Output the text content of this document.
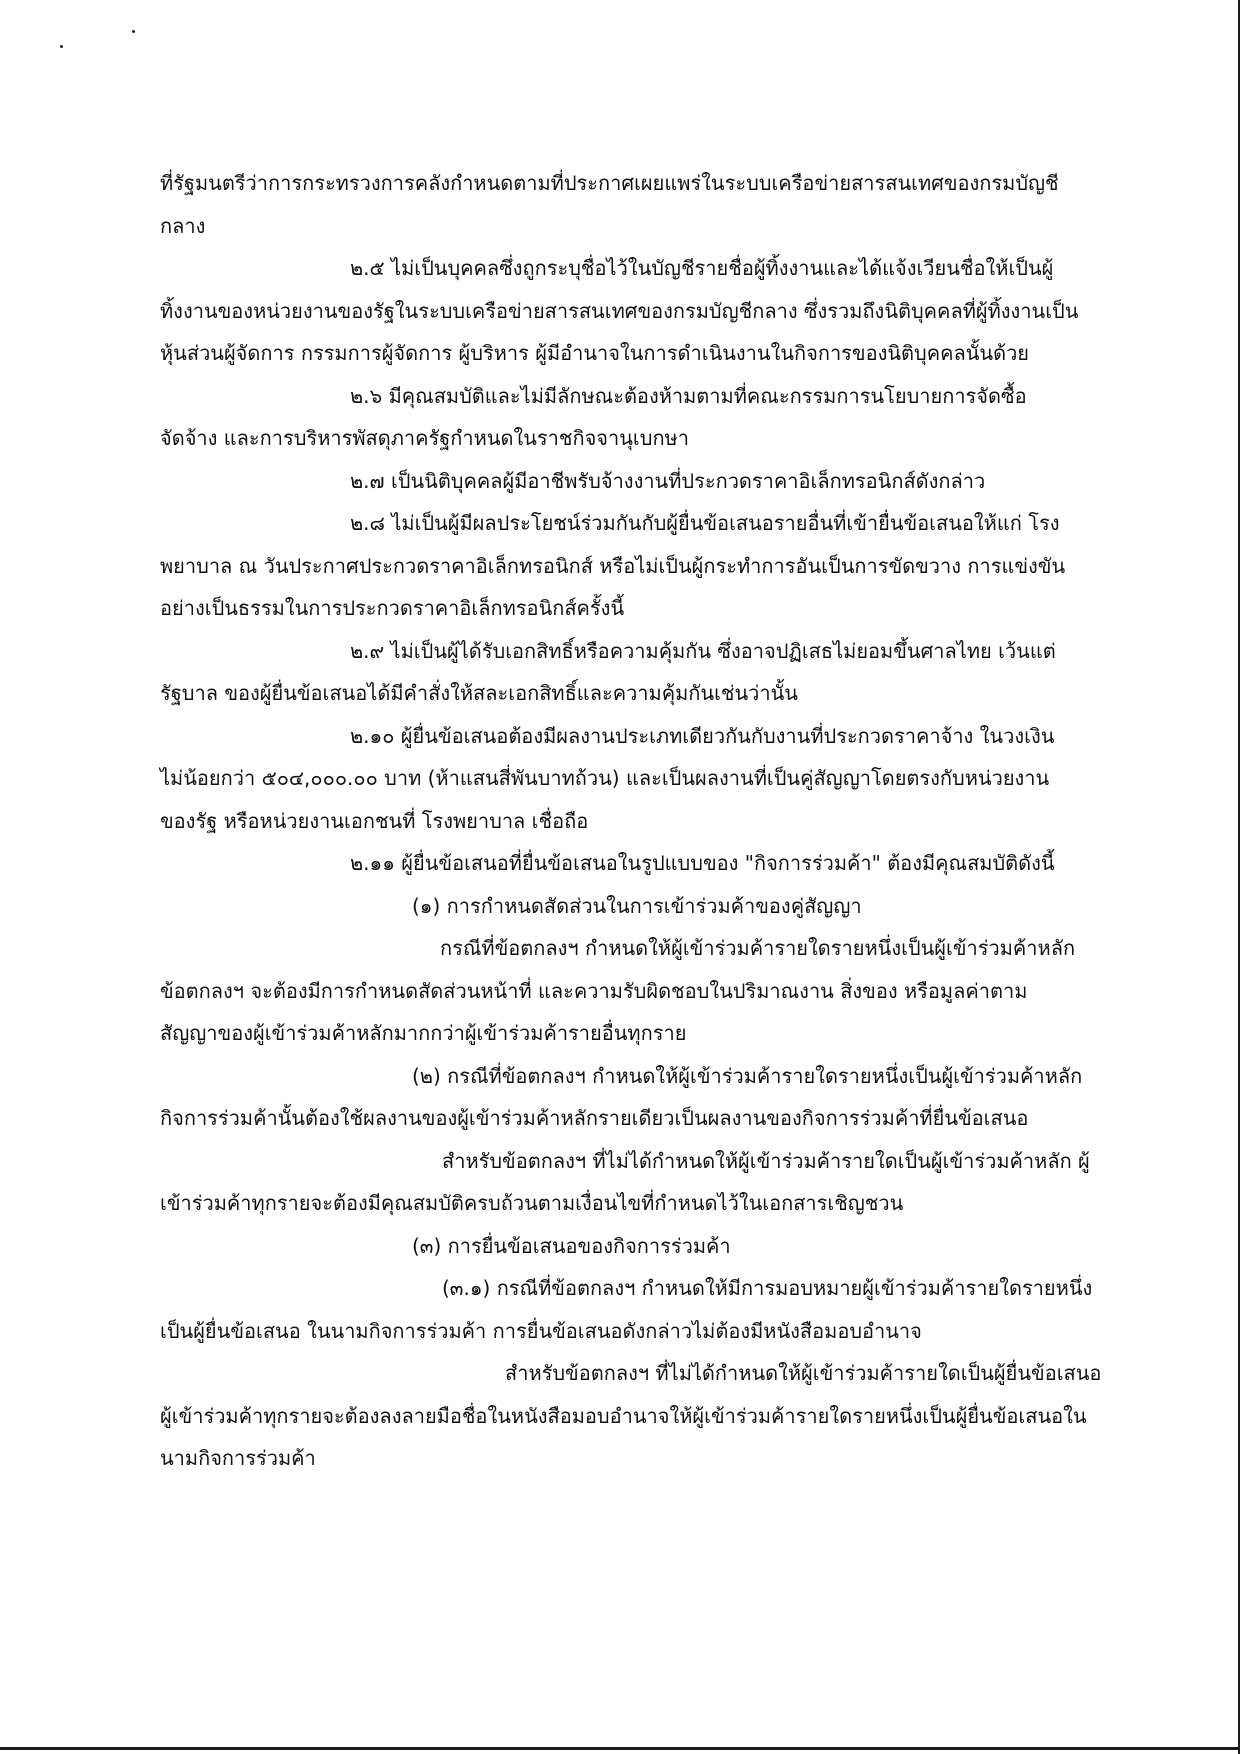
ที่รัฐมนตรีว่าการกระทรวงการคลังกำหนดตามที่ประกาศเผยแพร่ในระบบเครือข่ายสารสนเทศของกรมบัญชี
กลาง
๒.๕ ไม่เป็นบุคคลซึ่งถูกระบุชื่อไว้ในบัญชีรายชื่อผู้ทิ้งงานและได้แจ้งเวียนชื่อให้เป็นผู้
ทิ้งงานของหน่วยงานของรัฐในระบบเครือข่ายสารสนเทศของกรมบัญชีกลาง ซึ่งรวมถึงนิติบุคคลที่ผู้ทิ้งงานเป็น
หุ้นส่วนผู้จัดการ กรรมการผู้จัดการ ผู้บริหาร ผู้มีอำนาจในการดำเนินงานในกิจการของนิติบุคคลนั้นด้วย
๒.๖ มีคุณสมบัติและไม่มีลักษณะต้องห้ามตามที่คณะกรรมการนโยบายการจัดซื้อ
จัดจ้าง และการบริหารพัสดุภาครัฐกำหนดในราชกิจจานุเบกษา
๒.๗ เป็นนิติบุคคลผู้มีอาชีพรับจ้างงานที่ประกวดราคาอิเล็กทรอนิกส์ดังกล่าว
๒.๘ ไม่เป็นผู้มีผลประโยชน์ร่วมกันกับผู้ยื่นข้อเสนอรายอื่นที่เข้ายื่นข้อเสนอให้แก่ โรง
พยาบาล ณ วันประกาศประกวดราคาอิเล็กทรอนิกส์ หรือไม่เป็นผู้กระทำการอันเป็นการขัดขวาง การแข่งขัน
อย่างเป็นธรรมในการประกวดราคาอิเล็กทรอนิกส์ครั้งนี้
๒.๙ ไม่เป็นผู้ได้รับเอกสิทธิ์หรือความคุ้มกัน ซึ่งอาจปฏิเสธไม่ยอมขึ้นศาลไทย เว้นแต่
รัฐบาล ของผู้ยื่นข้อเสนอได้มีคำสั่งให้สละเอกสิทธิ์และความคุ้มกันเช่นว่านั้น
๒.๑๐ ผู้ยื่นข้อเสนอต้องมีผลงานประเภทเดียวกันกับงานที่ประกวดราคาจ้าง ในวงเงิน
ไม่น้อยกว่า ๕๐๔,๐๐๐.๐๐ บาท (ห้าแสนสี่พันบาทถ้วน) และเป็นผลงานที่เป็นคู่สัญญาโดยตรงกับหน่วยงาน
ของรัฐ หรือหน่วยงานเอกชนที่ โรงพยาบาล เชื่อถือ
๒.๑๑ ผู้ยื่นข้อเสนอที่ยื่นข้อเสนอในรูปแบบของ "กิจการร่วมค้า" ต้องมีคุณสมบัติดังนี้
(๑) การกำหนดสัดส่วนในการเข้าร่วมค้าของคู่สัญญา
กรณีที่ข้อตกลงฯ กำหนดให้ผู้เข้าร่วมค้ารายใดรายหนึ่งเป็นผู้เข้าร่วมค้าหลัก
ข้อตกลงฯ จะต้องมีการกำหนดสัดส่วนหน้าที่ และความรับผิดชอบในปริมาณงาน สิ่งของ หรือมูลค่าตาม
สัญญาของผู้เข้าร่วมค้าหลักมากกว่าผู้เข้าร่วมค้ารายอื่นทุกราย
(๒) กรณีที่ข้อตกลงฯ กำหนดให้ผู้เข้าร่วมค้ารายใดรายหนึ่งเป็นผู้เข้าร่วมค้าหลัก
กิจการร่วมค้านั้นต้องใช้ผลงานของผู้เข้าร่วมค้าหลักรายเดียวเป็นผลงานของกิจการร่วมค้าที่ยื่นข้อเสนอ
สำหรับข้อตกลงฯ ที่ไม่ได้กำหนดให้ผู้เข้าร่วมค้ารายใดเป็นผู้เข้าร่วมค้าหลัก ผู้
เข้าร่วมค้าทุกรายจะต้องมีคุณสมบัติครบถ้วนตามเงื่อนไขที่กำหนดไว้ในเอกสารเชิญชวน
(๓) การยื่นข้อเสนอของกิจการร่วมค้า
(๓.๑) กรณีที่ข้อตกลงฯ กำหนดให้มีการมอบหมายผู้เข้าร่วมค้ารายใดรายหนึ่ง
เป็นผู้ยื่นข้อเสนอ ในนามกิจการร่วมค้า การยื่นข้อเสนอดังกล่าวไม่ต้องมีหนังสือมอบอำนาจ
สำหรับข้อตกลงฯ ที่ไม่ได้กำหนดให้ผู้เข้าร่วมค้ารายใดเป็นผู้ยื่นข้อเสนอ
ผู้เข้าร่วมค้าทุกรายจะต้องลงลายมือชื่อในหนังสือมอบอำนาจให้ผู้เข้าร่วมค้ารายใดรายหนึ่งเป็นผู้ยื่นข้อเสนอใน
นามกิจการร่วมค้า
